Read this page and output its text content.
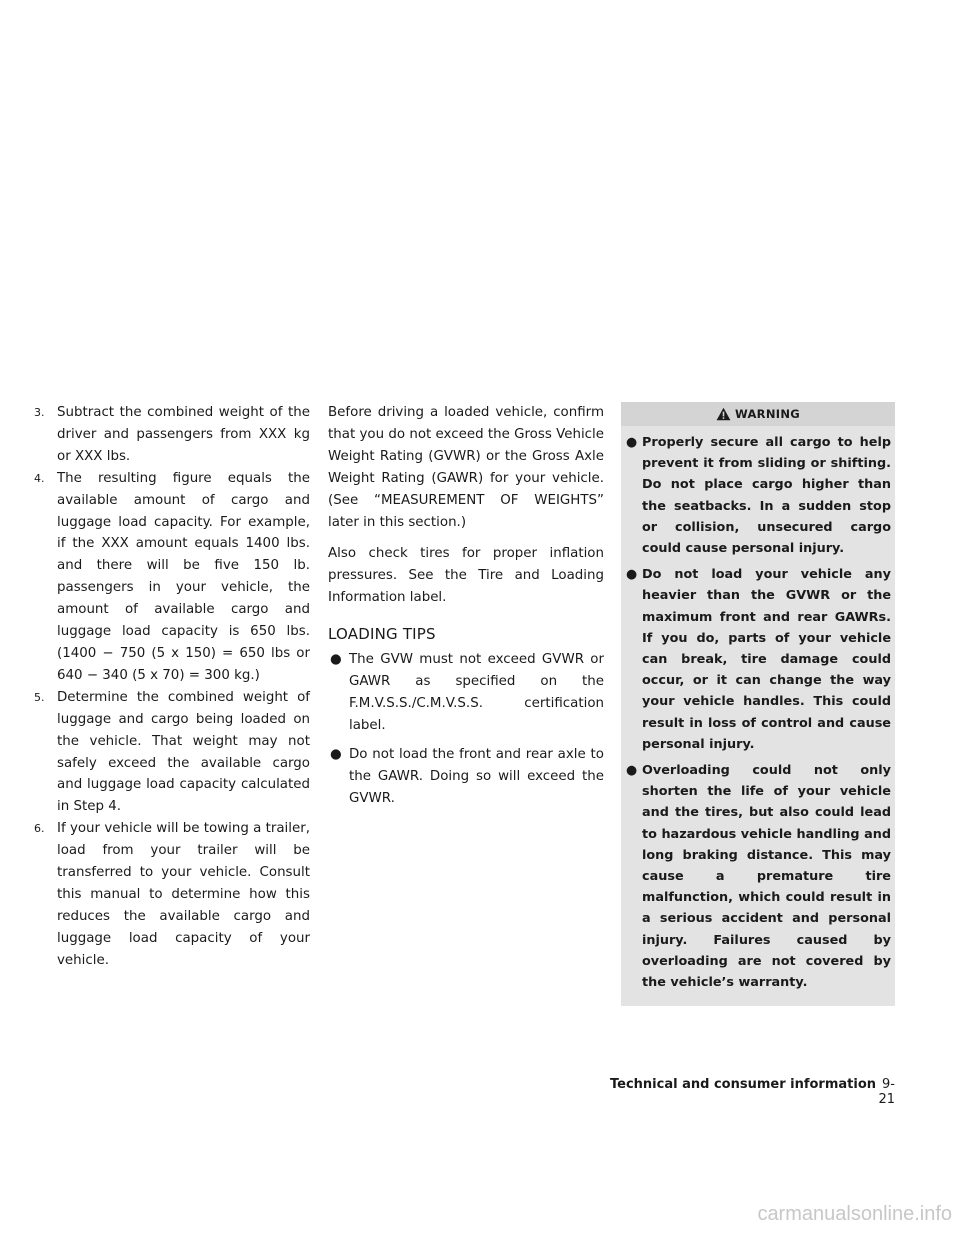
3. Subtract the combined weight of the driver and passengers from XXX kg or XXX lbs.
4. The resulting figure equals the available amount of cargo and luggage load capacity. For example, if the XXX amount equals 1400 lbs. and there will be five 150 lb. passengers in your vehicle, the amount of available cargo and luggage load capacity is 650 lbs. (1400 − 750 (5 x 150) = 650 lbs or 640 − 340 (5 x 70) = 300 kg.)
5. Determine the combined weight of luggage and cargo being loaded on the vehicle. That weight may not safely exceed the available cargo and luggage load capacity calculated in Step 4.
6. If your vehicle will be towing a trailer, load from your trailer will be transferred to your vehicle. Consult this manual to determine how this reduces the available cargo and luggage load capacity of your vehicle.

Before driving a loaded vehicle, confirm that you do not exceed the Gross Vehicle Weight Rating (GVWR) or the Gross Axle Weight Rating (GAWR) for your vehicle. (See “MEASUREMENT OF WEIGHTS” later in this section.)

Also check tires for proper inflation pressures. See the Tire and Loading Information label.

LOADING TIPS
● The GVW must not exceed GVWR or GAWR as specified on the F.M.V.S.S./C.M.V.S.S. certification label.
● Do not load the front and rear axle to the GAWR. Doing so will exceed the GVWR.
WARNING
● Properly secure all cargo to help prevent it from sliding or shifting. Do not place cargo higher than the seatbacks. In a sudden stop or collision, unsecured cargo could cause personal injury.
● Do not load your vehicle any heavier than the GVWR or the maximum front and rear GAWRs. If you do, parts of your vehicle can break, tire damage could occur, or it can change the way your vehicle handles. This could result in loss of control and cause personal injury.
● Overloading could not only shorten the life of your vehicle and the tires, but also could lead to hazardous vehicle handling and long braking distance. This may cause a premature tire malfunction, which could result in a serious accident and personal injury. Failures caused by overloading are not covered by the vehicle’s warranty.
Technical and consumer information 9-21
carmanualsonline.info
